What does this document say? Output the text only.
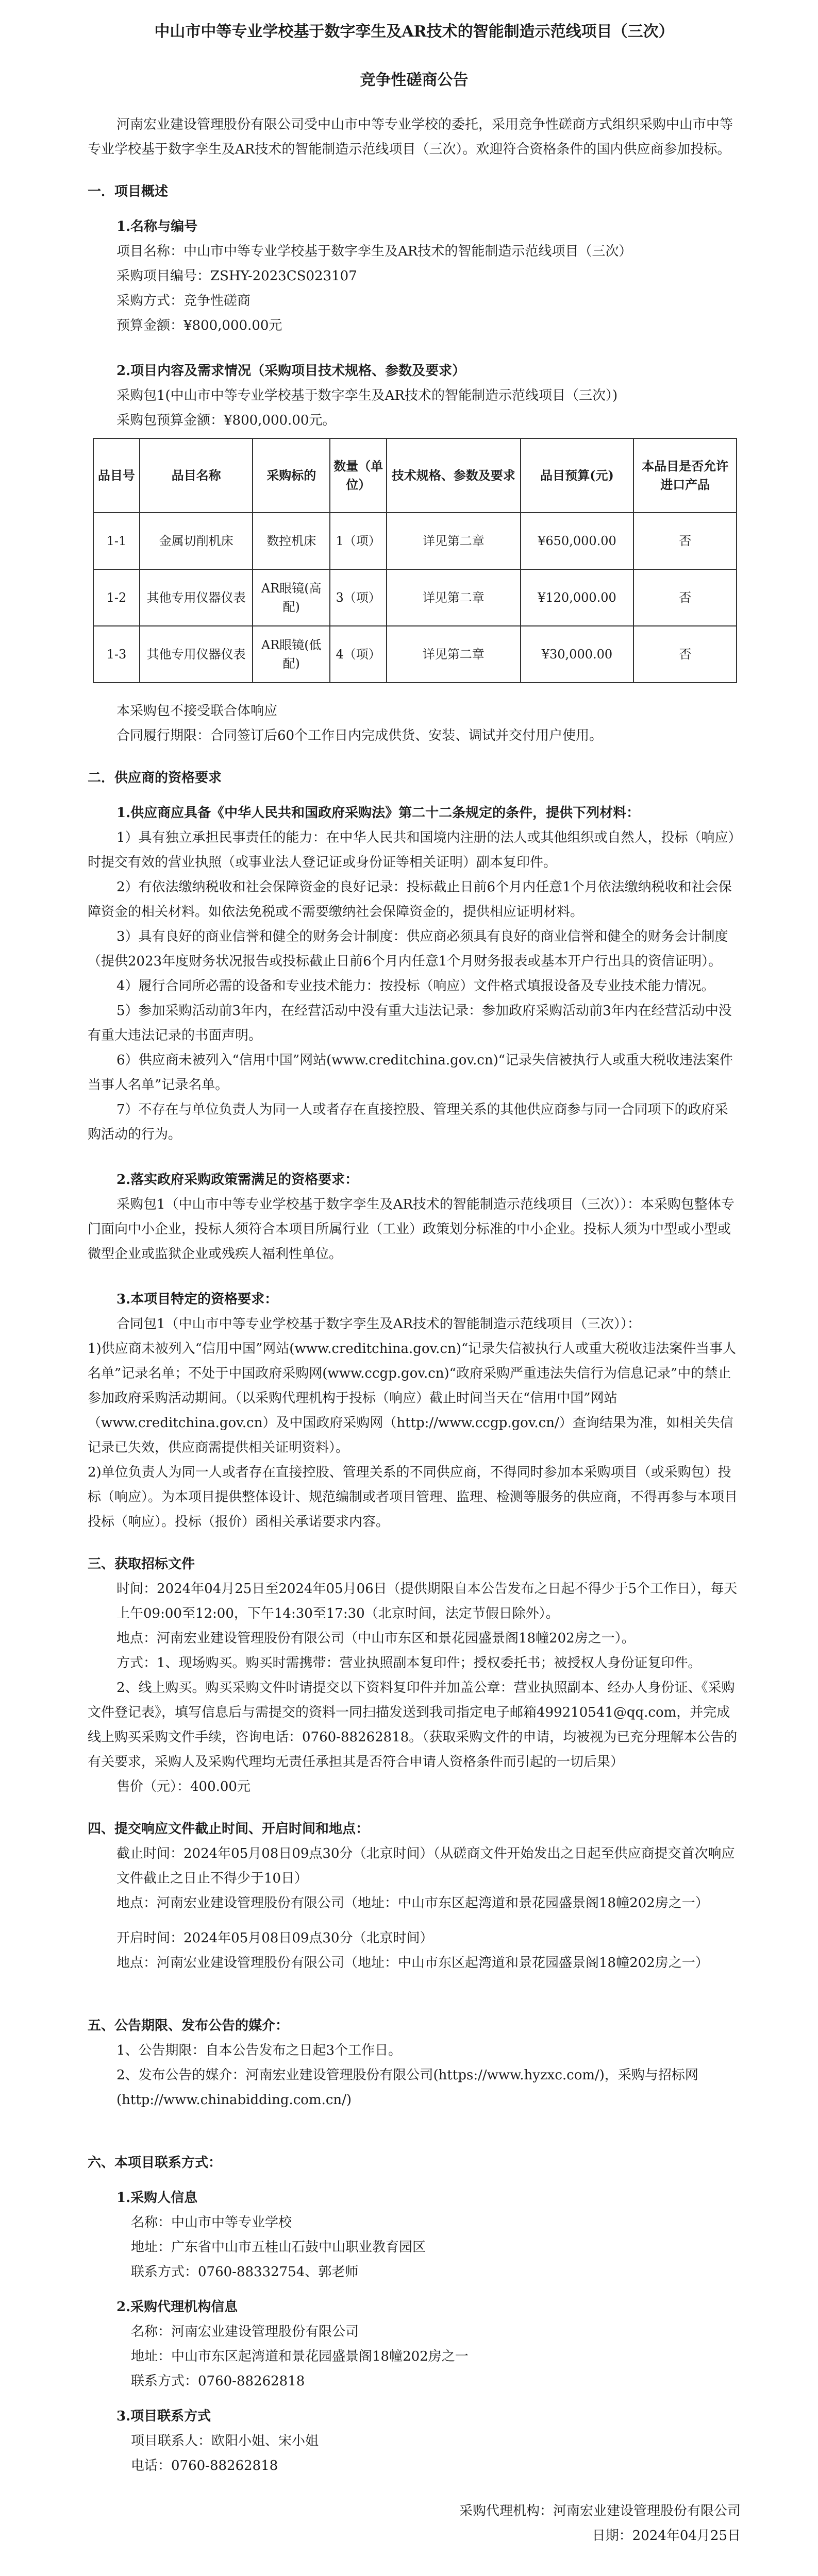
中山市中等专业学校基于数字孪生及AR技术的智能制造示范线项目（三次）
竞争性磋商公告

河南宏业建设管理股份有限公司受中山市中等专业学校的委托，采用竞争性磋商方式组织采购中山市中等专业学校基于数字孪生及AR技术的智能制造示范线项目（三次）。欢迎符合资格条件的国内供应商参加投标。

一．项目概述

1.名称与编号

项目名称：中山市中等专业学校基于数字孪生及AR技术的智能制造示范线项目（三次）

采购项目编号：ZSHY-2023CS023107

采购方式：竞争性磋商

预算金额：¥800,000.00元

2.项目内容及需求情况（采购项目技术规格、参数及要求）

采购包1(中山市中等专业学校基于数字孪生及AR技术的智能制造示范线项目（三次）)

采购包预算金额：¥800,000.00元。

品目号	品目名称	采购标的	数量（单位）	技术规格、参数及要求	品目预算(元)	本品目是否允许进口产品
1-1	金属切削机床	数控机床	1（项）	详见第二章	¥650,000.00	否
1-2	其他专用仪器仪表	AR眼镜(高配)	3（项）	详见第二章	¥120,000.00	否
1-3	其他专用仪器仪表	AR眼镜(低配)	4（项）	详见第二章	¥30,000.00	否

本采购包不接受联合体响应

合同履行期限：合同签订后60个工作日内完成供货、安装、调试并交付用户使用。

二．供应商的资格要求

1.供应商应具备《中华人民共和国政府采购法》第二十二条规定的条件，提供下列材料：

1）具有独立承担民事责任的能力：在中华人民共和国境内注册的法人或其他组织或自然人，投标（响应）时提交有效的营业执照（或事业法人登记证或身份证等相关证明）副本复印件。

2）有依法缴纳税收和社会保障资金的良好记录：投标截止日前6个月内任意1个月依法缴纳税收和社会保障资金的相关材料。如依法免税或不需要缴纳社会保障资金的，提供相应证明材料。

3）具有良好的商业信誉和健全的财务会计制度：供应商必须具有良好的商业信誉和健全的财务会计制度（提供2023年度财务状况报告或投标截止日前6个月内任意1个月财务报表或基本开户行出具的资信证明）。

4）履行合同所必需的设备和专业技术能力：按投标（响应）文件格式填报设备及专业技术能力情况。

5）参加采购活动前3年内，在经营活动中没有重大违法记录：参加政府采购活动前3年内在经营活动中没有重大违法记录的书面声明。

6）供应商未被列入“信用中国”网站(www.creditchina.gov.cn)“记录失信被执行人或重大税收违法案件当事人名单”记录名单。

7）不存在与单位负责人为同一人或者存在直接控股、管理关系的其他供应商参与同一合同项下的政府采购活动的行为。

2.落实政府采购政策需满足的资格要求：

采购包1（中山市中等专业学校基于数字孪生及AR技术的智能制造示范线项目（三次））：本采购包整体专门面向中小企业，投标人须符合本项目所属行业（工业）政策划分标准的中小企业。投标人须为中型或小型或微型企业或监狱企业或残疾人福利性单位。

3.本项目特定的资格要求：

合同包1（中山市中等专业学校基于数字孪生及AR技术的智能制造示范线项目（三次））：

1)供应商未被列入“信用中国”网站(www.creditchina.gov.cn)“记录失信被执行人或重大税收违法案件当事人名单”记录名单；不处于中国政府采购网(www.ccgp.gov.cn)“政府采购严重违法失信行为信息记录”中的禁止参加政府采购活动期间。（以采购代理机构于投标（响应）截止时间当天在“信用中国”网站（www.creditchina.gov.cn）及中国政府采购网（http://www.ccgp.gov.cn/）查询结果为准，如相关失信记录已失效，供应商需提供相关证明资料）。

2)单位负责人为同一人或者存在直接控股、管理关系的不同供应商，不得同时参加本采购项目（或采购包）投标（响应）。为本项目提供整体设计、规范编制或者项目管理、监理、检测等服务的供应商，不得再参与本项目投标（响应）。投标（报价）函相关承诺要求内容。

三、获取招标文件

时间：2024年04月25日至2024年05月06日（提供期限自本公告发布之日起不得少于5个工作日），每天上午09:00至12:00，下午14:30至17:30（北京时间，法定节假日除外）。

地点：河南宏业建设管理股份有限公司（中山市东区和景花园盛景阁18幢202房之一）。

方式：1、现场购买。购买时需携带：营业执照副本复印件；授权委托书；被授权人身份证复印件。

2、线上购买。购买采购文件时请提交以下资料复印件并加盖公章：营业执照副本、经办人身份证、《采购文件登记表》，填写信息后与需提交的资料一同扫描发送到我司指定电子邮箱499210541@qq.com，并完成线上购买采购文件手续，咨询电话：0760-88262818。（获取采购文件的申请，均被视为已充分理解本公告的有关要求，采购人及采购代理均无责任承担其是否符合申请人资格条件而引起的一切后果）

售价（元）：400.00元

四、提交响应文件截止时间、开启时间和地点：

截止时间：2024年05月08日09点30分（北京时间）（从磋商文件开始发出之日起至供应商提交首次响应文件截止之日止不得少于10日）

地点：河南宏业建设管理股份有限公司（地址：中山市东区起湾道和景花园盛景阁18幢202房之一）

开启时间：2024年05月08日09点30分（北京时间）

地点：河南宏业建设管理股份有限公司（地址：中山市东区起湾道和景花园盛景阁18幢202房之一）

五、公告期限、发布公告的媒介：

1、公告期限：自本公告发布之日起3个工作日。

2、发布公告的媒介：河南宏业建设管理股份有限公司(https://www.hyzxc.com/)，采购与招标网(http://www.chinabidding.com.cn/)

六、本项目联系方式：

1.采购人信息

名称：中山市中等专业学校

地址：广东省中山市五桂山石鼓中山职业教育园区

联系方式：0760-88332754、郭老师

2.采购代理机构信息

名称：河南宏业建设管理股份有限公司

地址：中山市东区起湾道和景花园盛景阁18幢202房之一

联系方式：0760-88262818

3.项目联系方式

项目联系人：欧阳小姐、宋小姐

电话：0760-88262818

采购代理机构：河南宏业建设管理股份有限公司

日期：2024年04月25日
